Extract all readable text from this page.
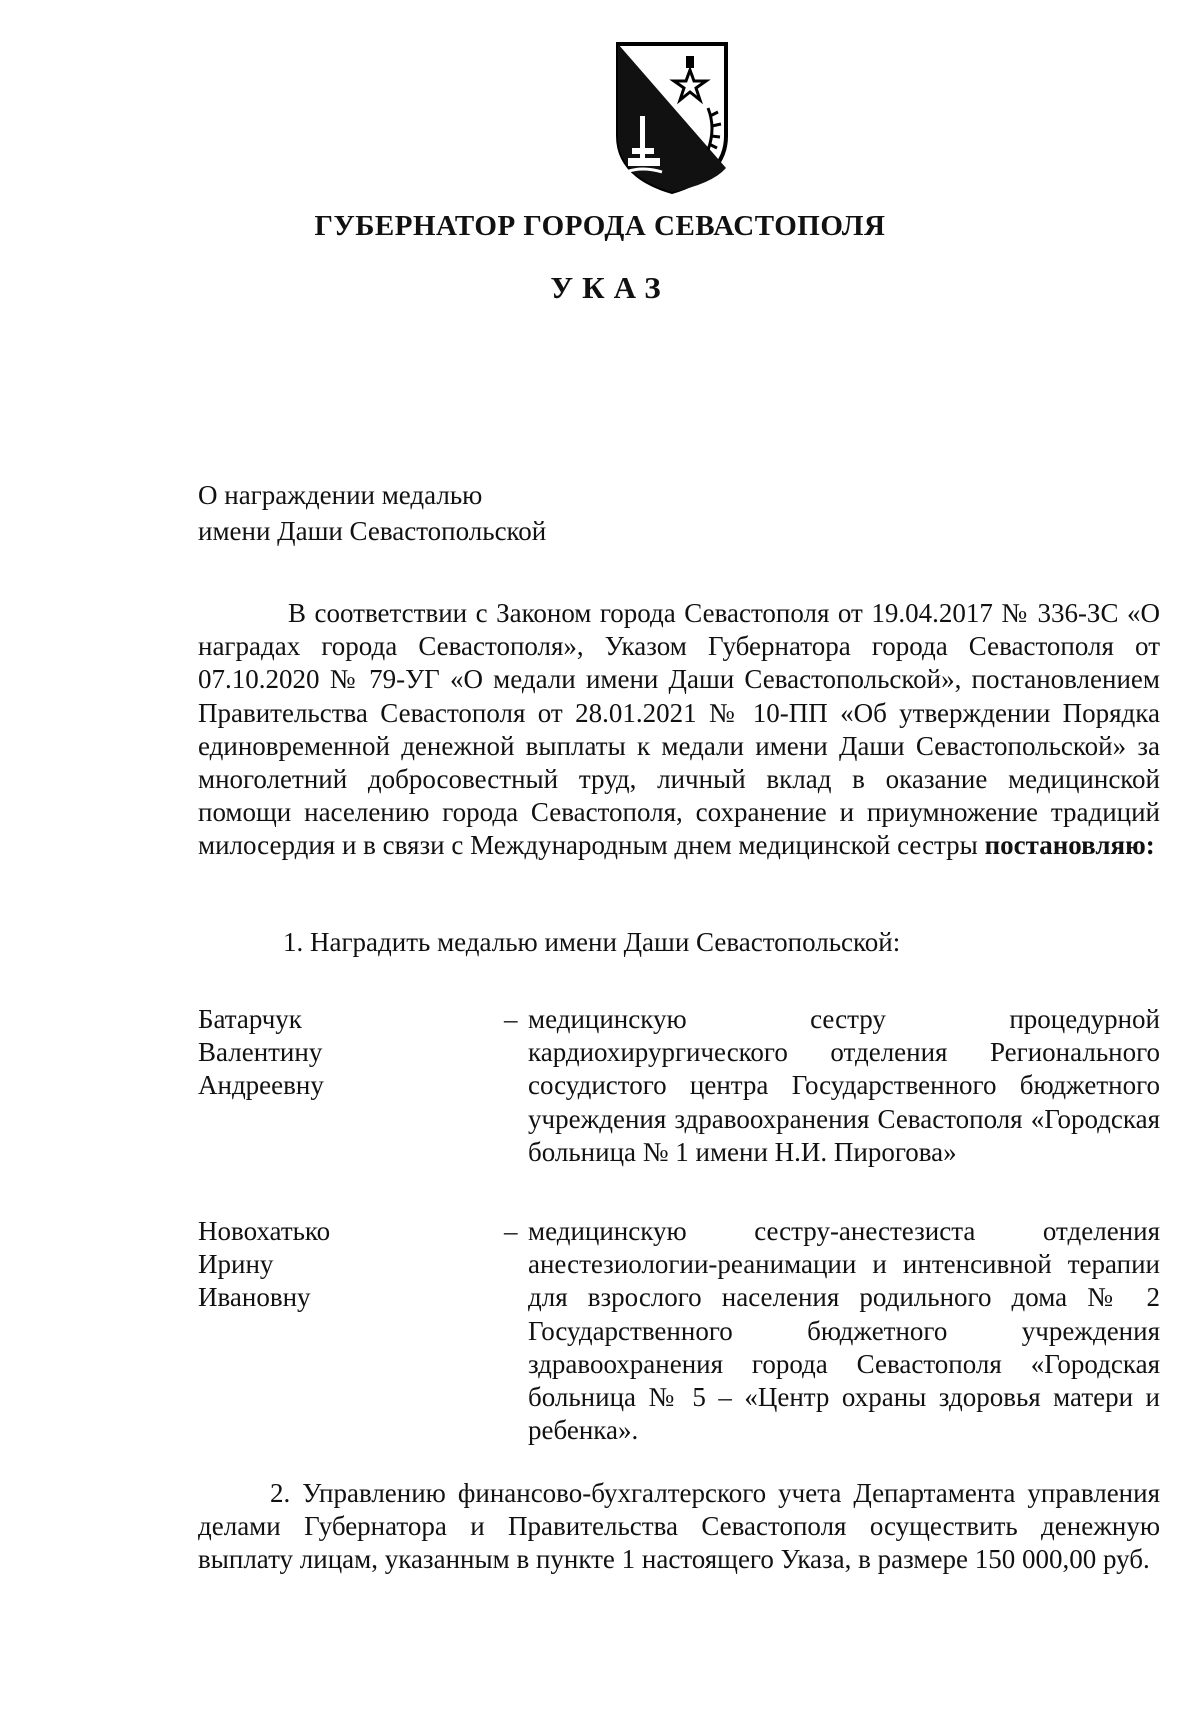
ГУБЕРНАТОР ГОРОДА СЕВАСТОПОЛЯ
УКАЗ
О награждении медалью
имени Даши Севастопольской
В соответствии с Законом города Севастополя от 19.04.2017 № 336-ЗС «О наградах города Севастополя», Указом Губернатора города Севастополя от 07.10.2020 № 79-УГ «О медали имени Даши Севастопольской», постановлением Правительства Севастополя от 28.01.2021 № 10-ПП «Об утверждении Порядка единовременной денежной выплаты к медали имени Даши Севастопольской» за многолетний добросовестный труд, личный вклад в оказание медицинской помощи населению города Севастополя, сохранение и приумножение традиций милосердия и в связи с Международным днем медицинской сестры постановляю:
1. Наградить медалью имени Даши Севастопольской:
Батарчук
Валентину
Андреевну
– медицинскую сестру процедурной кардиохирургического отделения Регионального сосудистого центра Государственного бюджетного учреждения здравоохранения Севастополя «Городская больница № 1 имени Н.И. Пирогова»
Новохатько
Ирину
Ивановну
– медицинскую сестру-анестезиста отделения анестезиологии-реанимации и интенсивной терапии для взрослого населения родильного дома № 2 Государственного бюджетного учреждения здравоохранения города Севастополя «Городская больница № 5 – «Центр охраны здоровья матери и ребенка».
2. Управлению финансово-бухгалтерского учета Департамента управления делами Губернатора и Правительства Севастополя осуществить денежную выплату лицам, указанным в пункте 1 настоящего Указа, в размере 150 000,00 руб.
